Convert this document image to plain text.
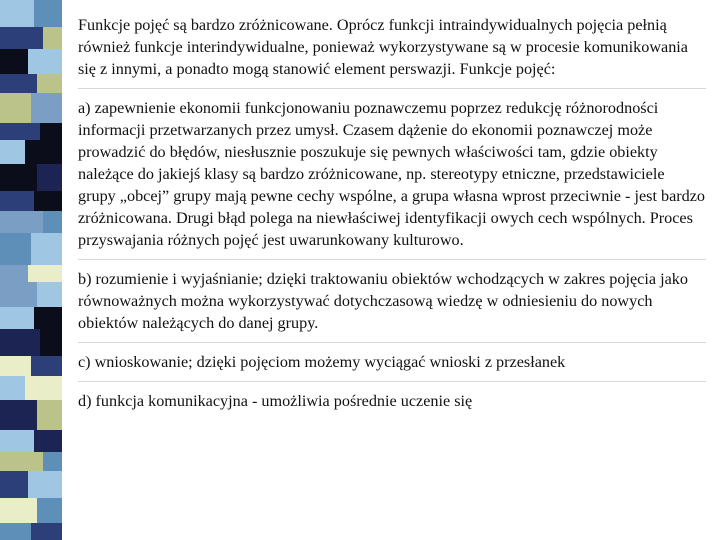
Funkcje pojęć są bardzo zróżnicowane. Oprócz funkcji intraindywidualnych pojęcia pełnią również funkcje interindywidualne, ponieważ wykorzystywane są w procesie komunikowania się z innymi, a ponadto mogą stanowić element perswazji. Funkcje pojęć:

a) zapewnienie ekonomii funkcjonowaniu poznawczemu poprzez redukcję różnorodności informacji przetwarzanych przez umysł. Czasem dążenie do ekonomii poznawczej może prowadzić do błędów, niesłusznie poszukuje się pewnych właściwości tam, gdzie obiekty należące do jakiejś klasy są bardzo zróżnicowane, np. stereotypy etniczne, przedstawiciele grupy „obcej” grupy mają pewne cechy wspólne, a grupa własna wprost przeciwnie - jest bardzo zróżnicowana. Drugi błąd polega na niewłaściwej identyfikacji owych cech wspólnych. Proces przyswajania różnych pojęć jest uwarunkowany kulturowo.

b) rozumienie i wyjaśnianie; dzięki traktowaniu obiektów wchodzących w zakres pojęcia jako równoważnych można wykorzystywać dotychczasową wiedzę w odniesieniu do nowych obiektów należących do danej grupy.

c) wnioskowanie; dzięki pojęciom możemy wyciągać wnioski z przesłanek

d) funkcja komunikacyjna - umożliwia pośrednie uczenie się
